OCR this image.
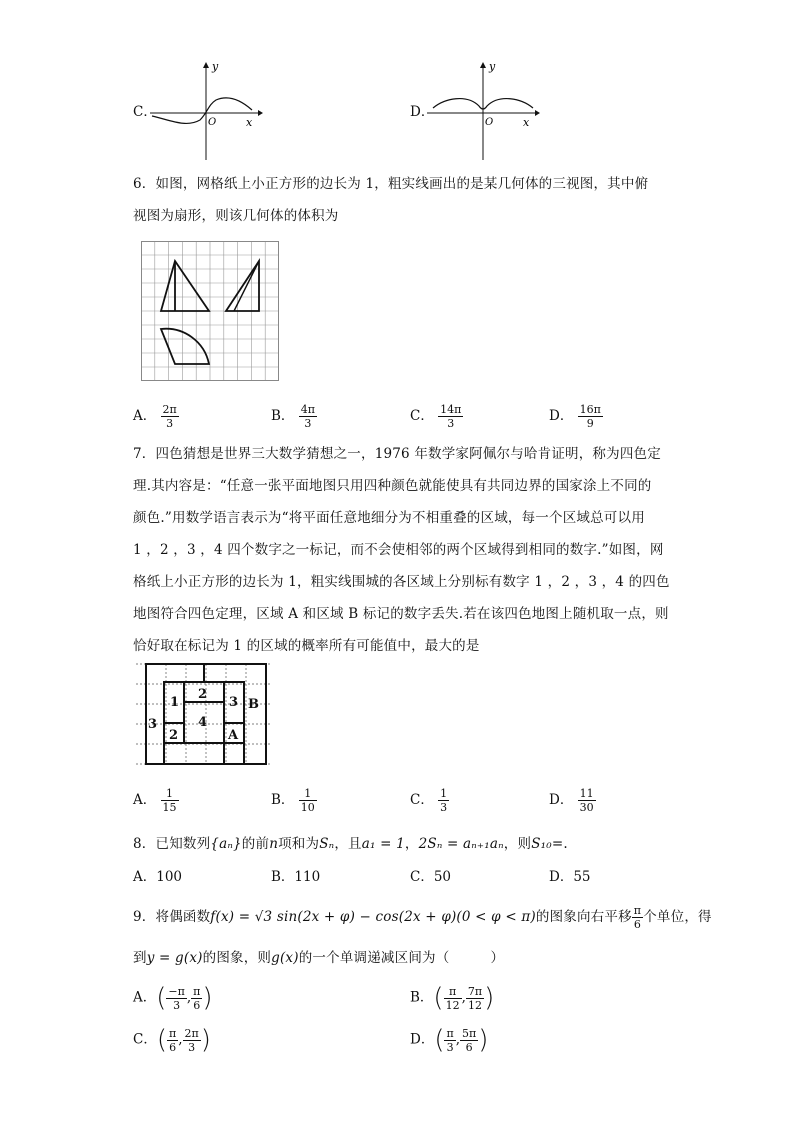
C．
y
x
O
D．
y
x
O
6．如图，网格纸上小正方形的边长为 1，粗实线画出的是某几何体的三视图，其中俯
视图为扇形，则该几何体的体积为
A． $\frac{2\pi}{3}$	B． $\frac{4\pi}{3}$	C． $\frac{14\pi}{3}$	D． $\frac{16\pi}{9}$
7．四色猜想是世界三大数学猜想之一，1976 年数学家阿佩尔与哈肯证明，称为四色定
理.其内容是：“任意一张平面地图只用四种颜色就能使具有共同边界的国家涂上不同的
颜色.”用数学语言表示为“将平面任意地细分为不相重叠的区域，每一个区域总可以用
1 ，2 ，3 ，4 四个数字之一标记，而不会使相邻的两个区域得到相同的数字.”如图，网
格纸上小正方形的边长为 1，粗实线围城的各区域上分别标有数字 1 ，2 ，3 ，4 的四色
地图符合四色定理，区域 A 和区域 B 标记的数字丢失.若在该四色地图上随机取一点，则
恰好取在标记为 1 的区域的概率所有可能值中，最大的是
1
2
3 B
3	4
2	A
A． $\frac{1}{15}$	B． $\frac{1}{10}$	C． $\frac{1}{3}$	D． $\frac{11}{30}$
8．已知数列{aₙ}的前n项和为Sₙ，且a₁ = 1，2Sₙ = aₙ₊₁aₙ，则S₁₀=.
A．100	B．110	C．50	D．55
9．将偶函数f(x) = √3 sin(2x + φ) − cos(2x + φ)(0 < φ < π)的图象向右平移 $\frac{\pi}{6}$ 个单位，得
到y = g(x)的图象，则g(x)的一个单调递减区间为（　　　）
A．( $\frac{-\pi}{3}$ , $\frac{\pi}{6}$ )	B．( $\frac{\pi}{12}$ , $\frac{7\pi}{12}$ )
C．( $\frac{\pi}{6}$ , $\frac{2\pi}{3}$ )	D．( $\frac{\pi}{3}$ , $\frac{5\pi}{6}$ )
